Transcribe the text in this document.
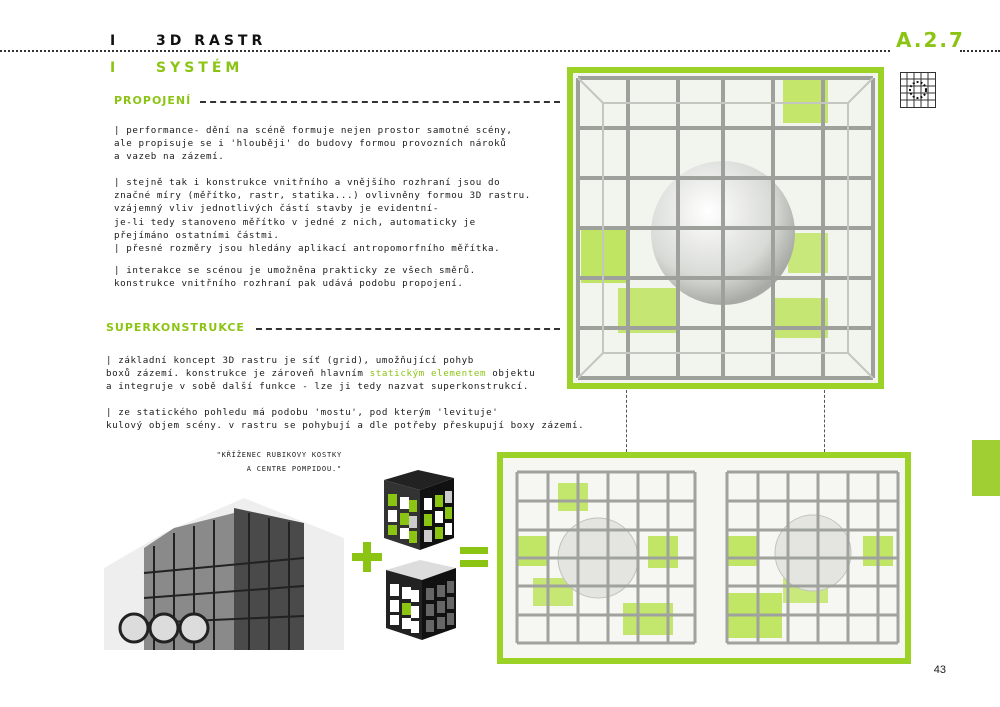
I	3D RASTR
I	SYSTÉM
A.2.7
PROPOJENÍ
| performance- dění na scéně formuje nejen prostor samotné scény,
ale propisuje se i 'hlouběji' do budovy formou provozních nároků
a vazeb na zázemí.
| stejně tak i konstrukce vnitřního a vnějšího rozhraní jsou do
značné míry (měřítko, rastr, statika...) ovlivněny formou 3D rastru.
vzájemný vliv jednotlivých částí stavby je evidentní-
je-li tedy stanoveno měřítko v jedné z nich, automaticky je
přejímáno ostatními částmi.
| přesné rozměry jsou hledány aplikací antropomorfního měřítka.
| interakce se scénou je umožněna prakticky ze všech směrů.
konstrukce vnitřního rozhraní pak udává podobu propojení.
SUPERKONSTRUKCE
| základní koncept 3D rastru je síť (grid), umožňující pohyb
boxů zázemí. konstrukce je zároveň hlavním statickým elementem objektu
a integruje v sobě další funkce - lze ji tedy nazvat superkonstrukcí.
| ze statického pohledu má podobu 'mostu', pod kterým 'levituje'
kulový objem scény. v rastru se pohybují a dle potřeby přeskupují boxy zázemí.
"KŘÍŽENEC RUBIKOVY KOSTKY
A CENTRE POMPIDOU."
43
